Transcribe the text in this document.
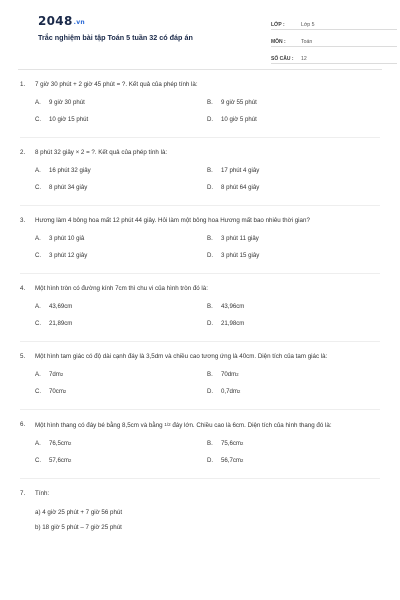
2048.vn
Trắc nghiệm bài tập Toán 5 tuần 32 có đáp án
LỚP :	Lớp 5
MÔN :	Toán
SỐ CÂU :	12
1.	7 giờ 30 phút + 2 giờ 45 phút = ?. Kết quả của phép tính là:
A.	9 giờ 30 phút	B.	9 giờ 55 phút
C.	10 giờ 15 phút	D.	10 giờ 5 phút
2.	8 phút 32 giây × 2 = ?. Kết quả của phép tính là:
A.	16 phút 32 giây	B.	17 phút 4 giây
C.	8 phút 34 giây	D.	8 phút 64 giây
3.	Hương làm 4 bông hoa mất 12 phút 44 giây. Hỏi làm một bông hoa Hương mất bao nhiêu thời gian?
A.	3 phút 10 giâ	B.	3 phút 11 giây
C.	3 phút 12 giây	D.	3 phút 15 giây
4.	Một hình tròn có đường kính 7cm thì chu vi của hình tròn đó là:
A.	43,69cm	B.	43,96cm
C.	21,89cm	D.	21,98cm
5.	Một hình tam giác có độ dài cạnh đáy là 3,5dm và chiều cao tương ứng là 40cm. Diện tích của tam giác là:
A.	7dm 2	B.	70dm 2
C.	70cm 2	D.	0,7dm 2
6.	Một hình thang có đáy bé bằng 8,5cm và bằng 1/2 đáy lớn. Chiều cao là 6cm. Diện tích của hình thang đó là:
A.	76,5cm 2	B.	75,6cm 2
C.	57,6cm 2	D.	56,7cm 2
7.	Tính:
a) 4 giờ 25 phút + 7 giờ 56 phút
b) 18 giờ 5 phút – 7 giờ 25 phút
